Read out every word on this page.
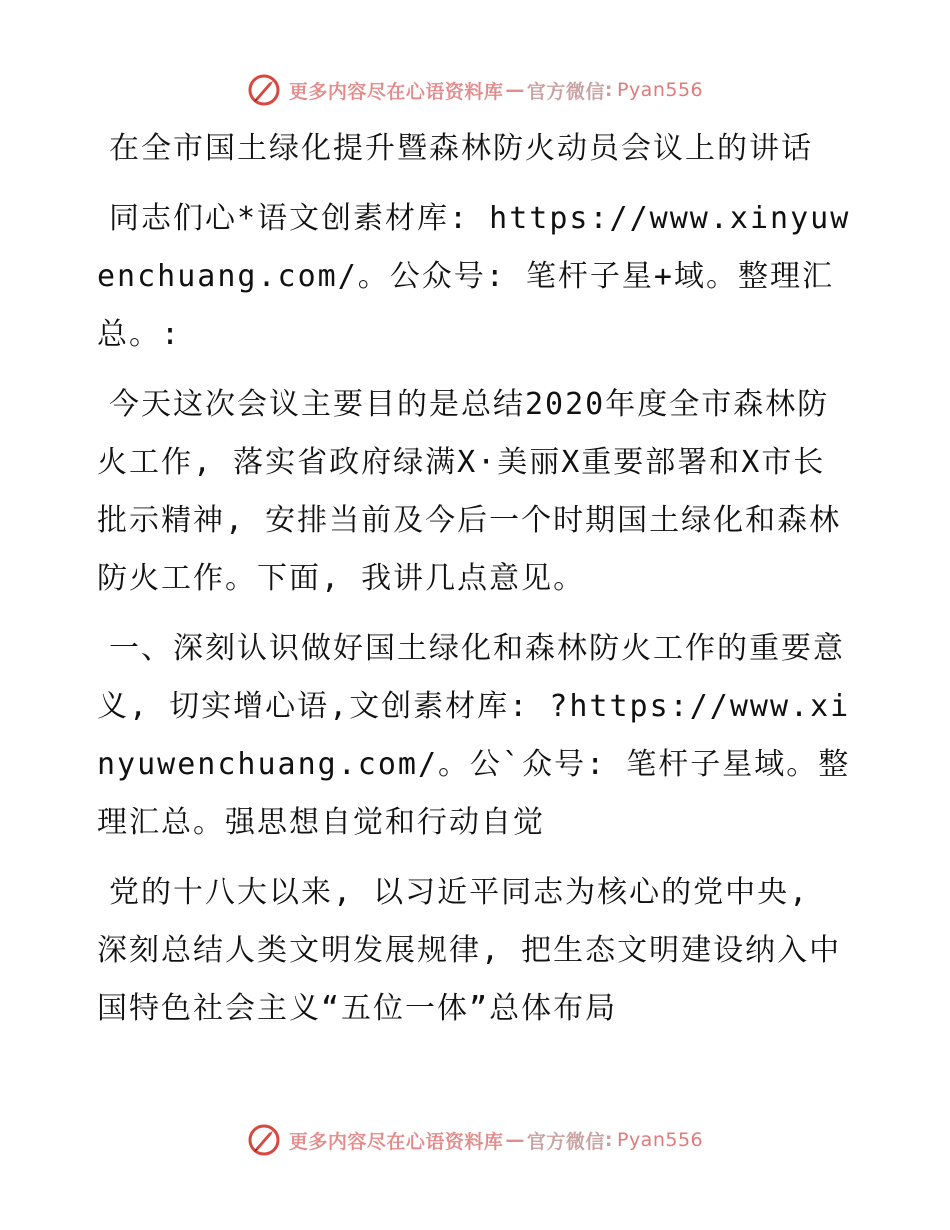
更多内容尽在心语资料库 — 官方微信 : Pyan556

在全市国土绿化提升暨森林防火动员会议上的讲话

同志们心*语文创素材库: https://www.xinyuwenchuang.com/。公众号: 笔杆子星+域。整理汇总。:

今天这次会议主要目的是总结2020年度全市森林防火工作, 落实省政府绿满X·美丽X重要部署和X市长批示精神, 安排当前及今后一个时期国土绿化和森林防火工作。下面, 我讲几点意见。

一、深刻认识做好国土绿化和森林防火工作的重要意义, 切实增心语,文创素材库: ?https://www.xinyuwenchuang.com/。公`众号: 笔杆子星域。整理汇总。强思想自觉和行动自觉

党的十八大以来, 以习近平同志为核心的党中央, 深刻总结人类文明发展规律, 把生态文明建设纳入中国特色社会主义“五位一体”总体布局

更多内容尽在心语资料库 — 官方微信 : Pyan556
